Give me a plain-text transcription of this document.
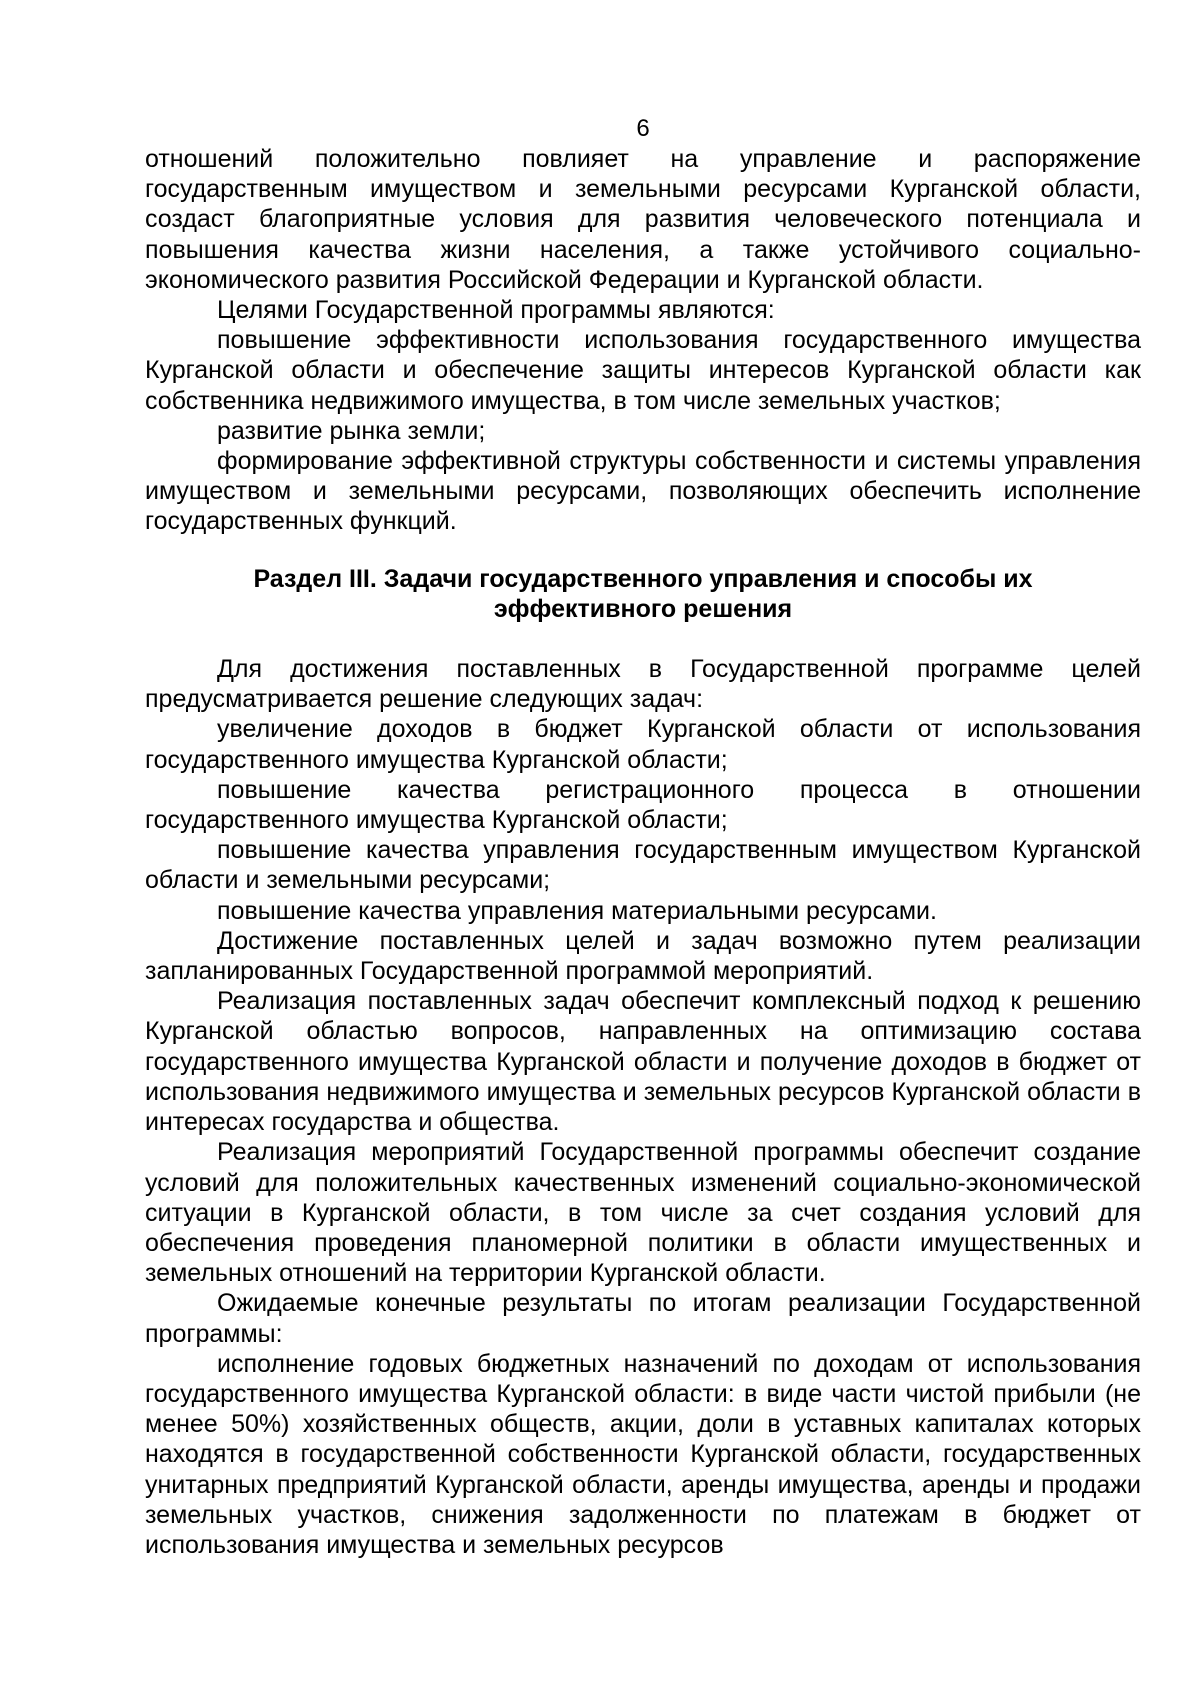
6

отношений положительно повлияет на управление и распоряжение государственным имуществом и земельными ресурсами Курганской области, создаст благоприятные условия для развития человеческого потенциала и повышения качества жизни населения, а также устойчивого социально-экономического развития Российской Федерации и Курганской области.

Целями Государственной программы являются:

повышение эффективности использования государственного имущества Курганской области и обеспечение защиты интересов Курганской области как собственника недвижимого имущества, в том числе земельных участков;

развитие рынка земли;

формирование эффективной структуры собственности и системы управления имуществом и земельными ресурсами, позволяющих обеспечить исполнение государственных функций.

Раздел III. Задачи государственного управления и способы их
эффективного решения

Для достижения поставленных в Государственной программе целей предусматривается решение следующих задач:

увеличение доходов в бюджет Курганской области от использования государственного имущества Курганской области;

повышение качества регистрационного процесса в отношении государственного имущества Курганской области;

повышение качества управления государственным имуществом Курганской области и земельными ресурсами;

повышение качества управления материальными ресурсами.

Достижение поставленных целей и задач возможно путем реализации запланированных Государственной программой мероприятий.

Реализация поставленных задач обеспечит комплексный подход к решению Курганской областью вопросов, направленных на оптимизацию состава государственного имущества Курганской области и получение доходов в бюджет от использования недвижимого имущества и земельных ресурсов Курганской области в интересах государства и общества.

Реализация мероприятий Государственной программы обеспечит создание условий для положительных качественных изменений социально-экономической ситуации в Курганской области, в том числе за счет создания условий для обеспечения проведения планомерной политики в области имущественных и земельных отношений на территории Курганской области.

Ожидаемые конечные результаты по итогам реализации Государственной программы:

исполнение годовых бюджетных назначений по доходам от использования государственного имущества Курганской области: в виде части чистой прибыли (не менее 50%) хозяйственных обществ, акции, доли в уставных капиталах которых находятся в государственной собственности Курганской области, государственных унитарных предприятий Курганской области, аренды имущества, аренды и продажи земельных участков, снижения задолженности по платежам в бюджет от использования имущества и земельных ресурсов
